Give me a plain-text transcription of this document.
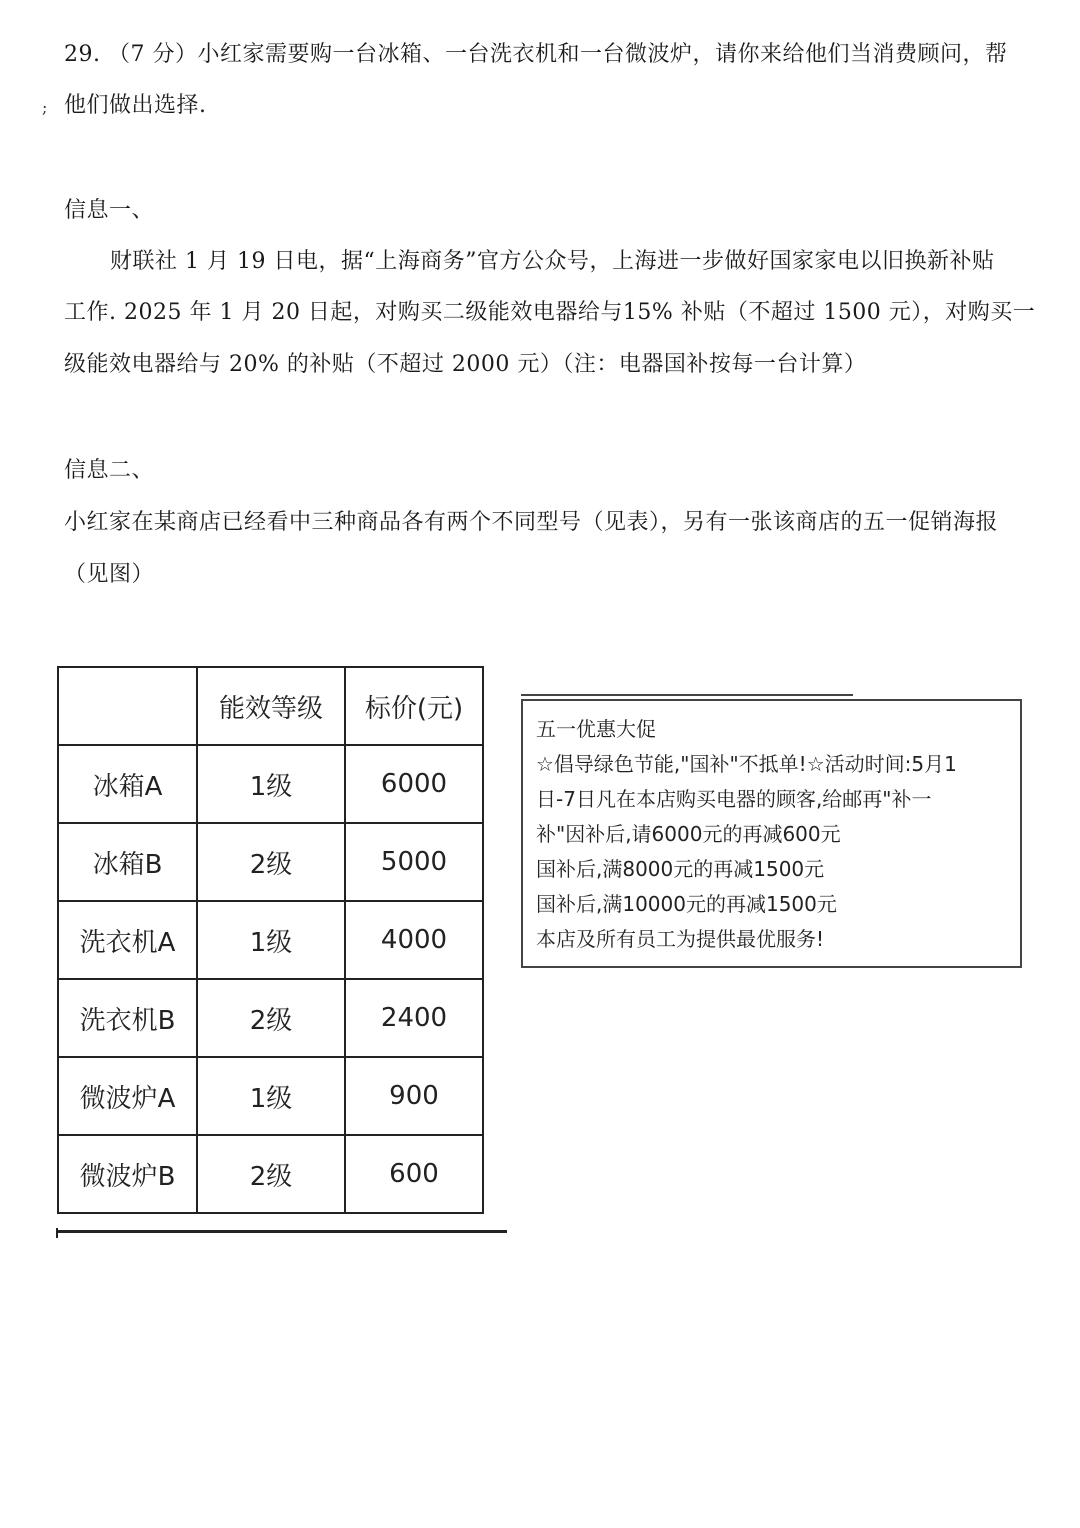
29. （7 分）小红家需要购一台冰箱、一台洗衣机和一台微波炉，请你来给他们当消费顾问，帮
; 他们做出选择.
信息一、
财联社 1 月 19 日电，据“上海商务”官方公众号，上海进一步做好国家家电以旧换新补贴
工作. 2025 年 1 月 20 日起，对购买二级能效电器给与15% 补贴（不超过 1500 元），对购买一
级能效电器给与 20% 的补贴（不超过 2000 元）（注：电器国补按每一台计算）
信息二、
小红家在某商店已经看中三种商品各有两个不同型号（见表），另有一张该商店的五一促销海报
（见图）
	能效等级	标价(元)
冰箱A	1级	6000
冰箱B	2级	5000
洗衣机A	1级	4000
洗衣机B	2级	2400
微波炉A	1级	900
微波炉B	2级	600
五一优惠大促
☆倡导绿色节能,"国补"不抵单!☆活动时间:5月1
日-7日凡在本店购买电器的顾客,给邮再"补一
补"因补后,请6000元的再减600元
国补后,满8000元的再减1500元
国补后,满10000元的再减1500元
本店及所有员工为提供最优服务!
